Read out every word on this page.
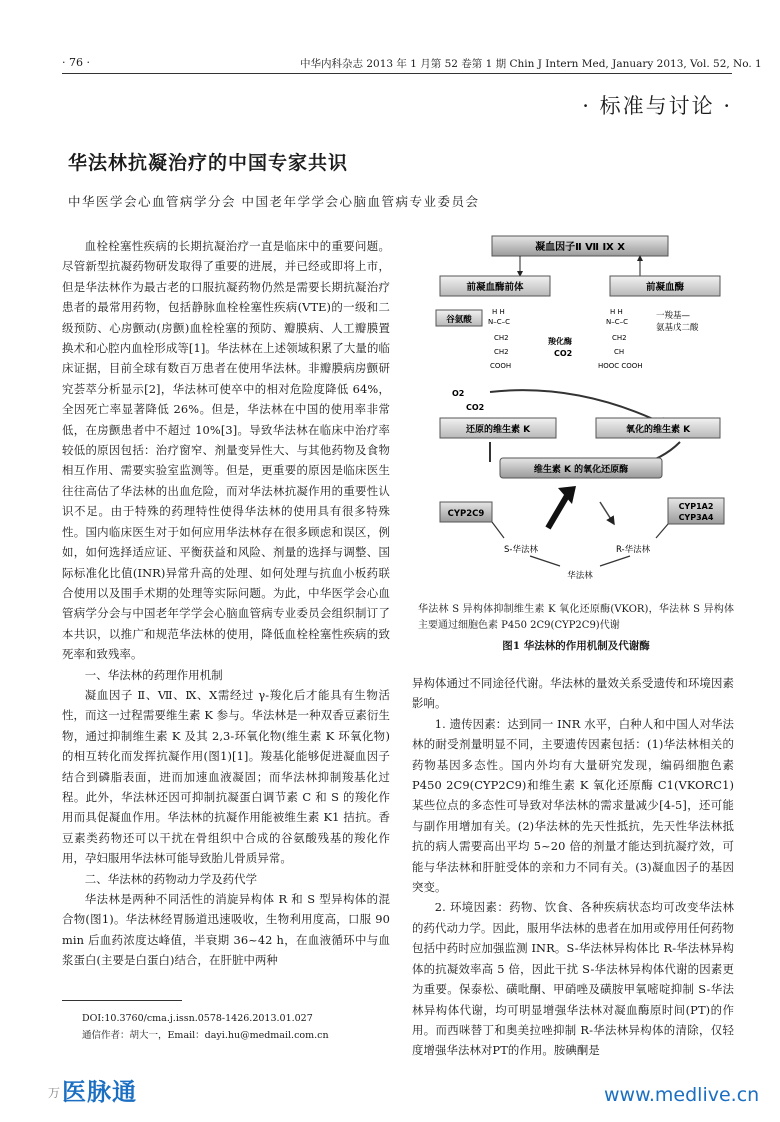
· 76 ·	中华内科杂志 2013 年 1 月第 52 卷第 1 期 Chin J Intern Med, January 2013, Vol. 52, No. 1
· 标准与讨论 ·
华法林抗凝治疗的中国专家共识
中华医学会心血管病学分会 中国老年学学会心脑血管病专业委员会

血栓栓塞性疾病的长期抗凝治疗一直是临床中的重要问题。尽管新型抗凝药物研发取得了重要的进展，并已经或即将上市，但是华法林作为最古老的口服抗凝药物仍然是需要长期抗凝治疗患者的最常用药物，包括静脉血栓栓塞性疾病(VTE)的一级和二级预防、心房颤动(房颤)血栓栓塞的预防、瓣膜病、人工瓣膜置换术和心腔内血栓形成等[1]。华法林在上述领域积累了大量的临床证据，目前全球有数百万患者在使用华法林。非瓣膜病房颤研究荟萃分析显示[2]，华法林可使卒中的相对危险度降低 64%，全因死亡率显著降低 26%。但是，华法林在中国的使用率非常低，在房颤患者中不超过 10%[3]。导致华法林在临床中治疗率较低的原因包括：治疗窗窄、剂量变异性大、与其他药物及食物相互作用、需要实验室监测等。但是，更重要的原因是临床医生往往高估了华法林的出血危险，而对华法林抗凝作用的重要性认识不足。由于特殊的药理特性使得华法林的使用具有很多特殊性。国内临床医生对于如何应用华法林存在很多顾虑和误区，例如，如何选择适应证、平衡获益和风险、剂量的选择与调整、国际标准化比值(INR)异常升高的处理、如何处理与抗血小板药联合使用以及围手术期的处理等实际问题。为此，中华医学会心血管病学分会与中国老年学学会心脑血管病专业委员会组织制订了本共识，以推广和规范华法林的使用，降低血栓栓塞性疾病的致死率和致残率。

一、华法林的药理作用机制

凝血因子 Ⅱ、Ⅶ、Ⅸ、Ⅹ需经过 γ-羧化后才能具有生物活性，而这一过程需要维生素 K 参与。华法林是一种双香豆素衍生物，通过抑制维生素 K 及其 2,3-环氧化物(维生素 K 环氧化物)的相互转化而发挥抗凝作用(图1)[1]。羧基化能够促进凝血因子结合到磷脂表面，进而加速血液凝固；而华法林抑制羧基化过程。此外，华法林还因可抑制抗凝蛋白调节素 C 和 S 的羧化作用而具促凝血作用。华法林的抗凝作用能被维生素 K1 拮抗。香豆素类药物还可以干扰在骨组织中合成的谷氨酸残基的羧化作用，孕妇服用华法林可能导致胎儿骨质异常。

二、华法林的药物动力学及药代学

华法林是两种不同活性的消旋异构体 R 和 S 型异构体的混合物(图1)。华法林经胃肠道迅速吸收，生物利用度高，口服 90 min 后血药浓度达峰值，半衰期 36~42 h，在血液循环中与血浆蛋白(主要是白蛋白)结合，在肝脏中两种

异构体通过不同途径代谢。华法林的量效关系受遗传和环境因素影响。

1. 遗传因素：达到同一 INR 水平，白种人和中国人对华法林的耐受剂量明显不同，主要遗传因素包括：(1)华法林相关的药物基因多态性。国内外均有大量研究发现，编码细胞色素 P450 2C9(CYP2C9)和维生素 K 氧化还原酶 C1(VKORC1)某些位点的多态性可导致对华法林的需求量减少[4-5]，还可能与副作用增加有关。(2)华法林的先天性抵抗，先天性华法林抵抗的病人需要高出平均 5~20 倍的剂量才能达到抗凝疗效，可能与华法林和肝脏受体的亲和力不同有关。(3)凝血因子的基因突变。

2. 环境因素：药物、饮食、各种疾病状态均可改变华法林的药代动力学。因此，服用华法林的患者在加用或停用任何药物包括中药时应加强监测 INR。S-华法林异构体比 R-华法林异构体的抗凝效率高 5 倍，因此干扰 S-华法林异构体代谢的因素更为重要。保泰松、磺吡酮、甲硝唑及磺胺甲氧嘧啶抑制 S-华法林异构体代谢，均可明显增强华法林对凝血酶原时间(PT)的作用。而西咪替丁和奥美拉唑抑制 R-华法林异构体的清除，仅轻度增强华法林对PT的作用。胺碘酮是

凝血因子Ⅱ Ⅶ Ⅸ Ⅹ
前凝血酶前体	前凝血酶
谷氨酸
H H
N–C–C
CH2
CH2
COOH
H H
N–C–C
CH2
CH
HOOC COOH
一羧基—
氨基戊二酸
羧化酶
CO2
O2
CO2
还原的维生素 K	氧化的维生素 K
维生素 K 的氧化还原酶
CYP2C9
CYP1A2
CYP3A4
S-华法林	R-华法林
华法林
华法林 S 异构体抑制维生素 K 氧化还原酶(VKOR)，华法林 S 异构体主要通过细胞色素 P450 2C9(CYP2C9)代谢
图1 华法林的作用机制及代谢酶
DOI:10.3760/cma.j.issn.0578-1426.2013.01.027
通信作者：胡大一，Email：dayi.hu@medmail.com.cn
万 医脉通	www.medlive.cn
